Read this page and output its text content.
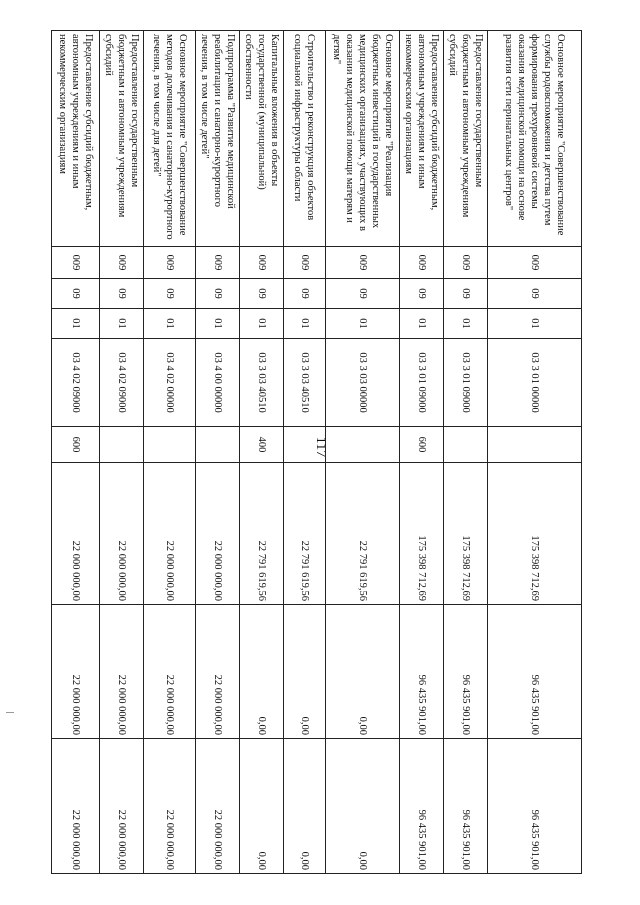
117
Основное мероприятие "Совершенствование службы родовспоможения и детства путем формирования трехуровневой системы оказания медицинской помощи на основе развития сети перинатальных центров"	009	09	01	03 3 01 00000		175 398 712,69	96 435 901,00	96 435 901,00
Предоставление государственным бюджетным и автономным учреждениям субсидий	009	09	01	03 3 01 09000		175 398 712,69	96 435 901,00	96 435 901,00
Предоставление субсидий бюджетным, автономным учреждениям и иным некоммерческим организациям	009	09	01	03 3 01 09000	600	175 398 712,69	96 435 901,00	96 435 901,00
Основное мероприятие "Реализация бюджетных инвестиций в государственных медицинских организациях, участвующих в оказании медицинской помощи матерям и детям"	009	09	01	03 3 03 00000		22 791 619,56	0,00	0,00
Строительство и реконструкция объектов социальной инфраструктуры области	009	09	01	03 3 03 40510		22 791 619,56	0,00	0,00
Капитальные вложения в объекты государственной (муниципальной) собственности	009	09	01	03 3 03 40510	400	22 791 619,56	0,00	0,00
Подпрограмма "Развитие медицинской реабилитации и санаторно-курортного лечения, в том числе детей"	009	09	01	03 4 00 00000		22 000 000,00	22 000 000,00	22 000 000,00
Основное мероприятие "Совершенствование методов долечивания и санаторно-курортного лечения, в том числе для детей"	009	09	01	03 4 02 00000		22 000 000,00	22 000 000,00	22 000 000,00
Предоставление государственным бюджетным и автономным учреждениям субсидий	009	09	01	03 4 02 09000		22 000 000,00	22 000 000,00	22 000 000,00
Предоставление субсидий бюджетным, автономным учреждениям и иным некоммерческим организациям	009	09	01	03 4 02 09000	600	22 000 000,00	22 000 000,00	22 000 000,00
